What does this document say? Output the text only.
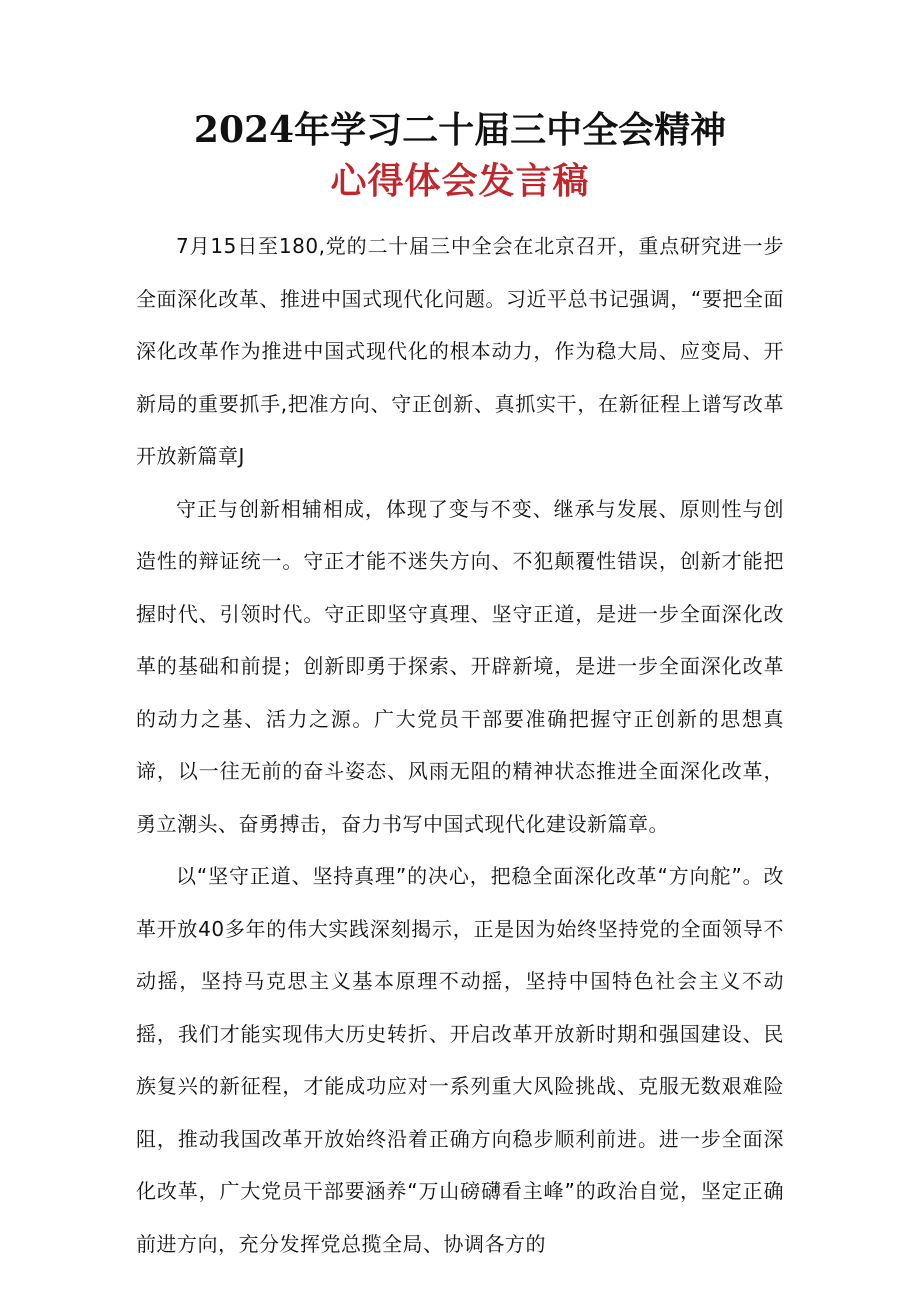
2024年学习二十届三中全会精神
心得体会发言稿

7月15日至180,党的二十届三中全会在北京召开，重点研究进一步全面深化改革、推进中国式现代化问题。习近平总书记强调，“要把全面深化改革作为推进中国式现代化的根本动力，作为稳大局、应变局、开新局的重要抓手,把准方向、守正创新、真抓实干，在新征程上谱写改革开放新篇章J

守正与创新相辅相成，体现了变与不变、继承与发展、原则性与创造性的辩证统一。守正才能不迷失方向、不犯颠覆性错误，创新才能把握时代、引领时代。守正即坚守真理、坚守正道，是进一步全面深化改革的基础和前提；创新即勇于探索、开辟新境，是进一步全面深化改革的动力之基、活力之源。广大党员干部要准确把握守正创新的思想真谛，以一往无前的奋斗姿态、风雨无阻的精神状态推进全面深化改革，勇立潮头、奋勇搏击，奋力书写中国式现代化建设新篇章。

以“坚守正道、坚持真理”的决心，把稳全面深化改革“方向舵”。改革开放40多年的伟大实践深刻揭示，正是因为始终坚持党的全面领导不动摇，坚持马克思主义基本原理不动摇，坚持中国特色社会主义不动摇，我们才能实现伟大历史转折、开启改革开放新时期和强国建设、民族复兴的新征程，才能成功应对一系列重大风险挑战、克服无数艰难险阻，推动我国改革开放始终沿着正确方向稳步顺利前进。进一步全面深化改革，广大党员干部要涵养“万山磅礴看主峰”的政治自觉，坚定正确前进方向，充分发挥党总揽全局、协调各方的
